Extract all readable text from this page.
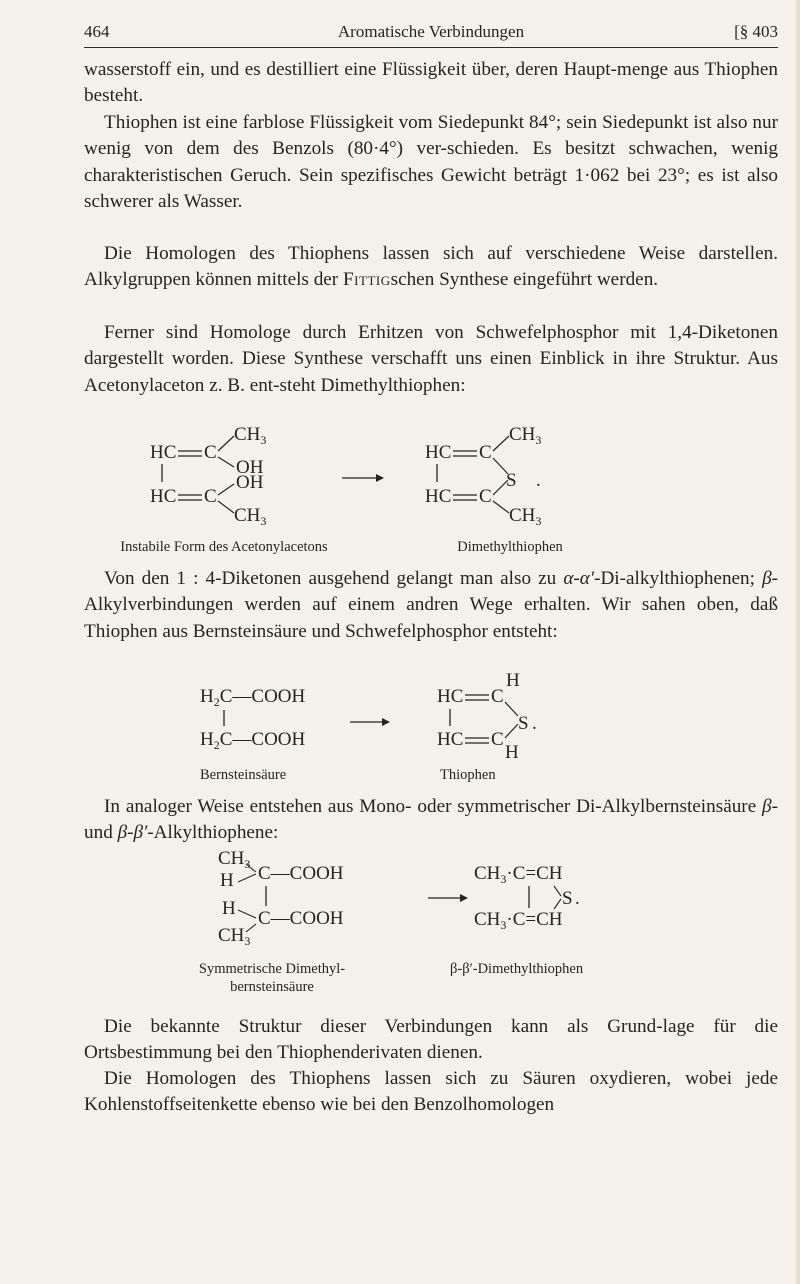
464	Aromatische Verbindungen	[§ 403

wasserstoff ein, und es destilliert eine Flüssigkeit über, deren Haupt-menge aus Thiophen besteht.

Thiophen ist eine farblose Flüssigkeit vom Siedepunkt 84°; sein Siedepunkt ist also nur wenig von dem des Benzols (80·4°) ver-schieden. Es besitzt schwachen, wenig charakteristischen Geruch. Sein spezifisches Gewicht beträgt 1·062 bei 23°; es ist also schwerer als Wasser.

Die Homologen des Thiophens lassen sich auf verschiedene Weise darstellen. Alkylgruppen können mittels der Fittigschen Synthese eingeführt werden.

Ferner sind Homologe durch Erhitzen von Schwefelphosphor mit 1,4-Diketonen dargestellt worden. Diese Synthese verschafft uns einen Einblick in ihre Struktur. Aus Acetonylaceton z. B. ent-steht Dimethylthiophen:

HC C
$CH_3$
OH
HC C
OH
$CH_3$
HC C
$CH_3$
S .
HC C
$CH_3$
Instabile Form des Acetonylacetons	Dimethylthiophen

Von den 1 : 4-Diketonen ausgehend gelangt man also zu α-α′-Di-alkylthiophenen; β-Alkylverbindungen werden auf einem andren Wege erhalten. Wir sahen oben, daß Thiophen aus Bernsteinsäure und Schwefelphosphor entsteht:

$H_2C—COOH$
$H_2C—COOH$
HC C
H
S .
HC C
H
Bernsteinsäure	Thiophen

In analoger Weise entstehen aus Mono- oder symmetrischer Di-Alkylbernsteinsäure β- und β-β′-Alkylthiophene:

$CH_3$
H C—COOH
H C—COOH
$CH_3$
$CH_3\cdot C=CH$
S .
$CH_3\cdot C=CH$
Symmetrische Dimethyl-
bernsteinsäure
β-β′-Dimethylthiophen

Die bekannte Struktur dieser Verbindungen kann als Grund-lage für die Ortsbestimmung bei den Thiophenderivaten dienen.

Die Homologen des Thiophens lassen sich zu Säuren oxydieren, wobei jede Kohlenstoffseitenkette ebenso wie bei den Benzolhomologen
